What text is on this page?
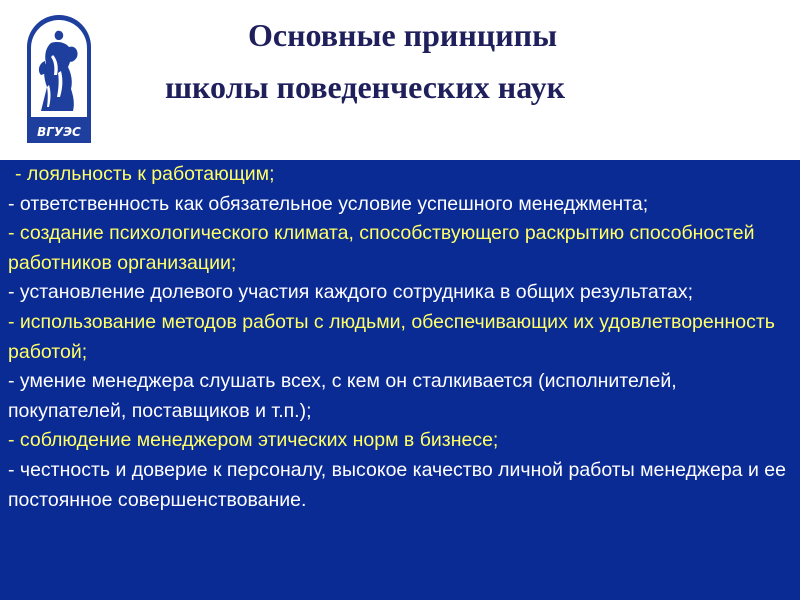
ВГУЭС
Основные принципы
школы поведенческих наук
- лояльность к работающим;
- ответственность как обязательное условие успешного менеджмента;
- создание психологического климата, способствующего раскрытию способностей работников организации;
- установление долевого участия каждого сотрудника в общих результатах;
- использование методов работы с людьми, обеспечивающих их удовлетворенность работой;
- умение менеджера слушать всех, с кем он сталкивается (исполнителей, покупателей, поставщиков и т.п.);
- соблюдение менеджером этических норм в бизнесе;
- честность и доверие к персоналу, высокое качество личной работы менеджера и ее постоянное совершенствование.
